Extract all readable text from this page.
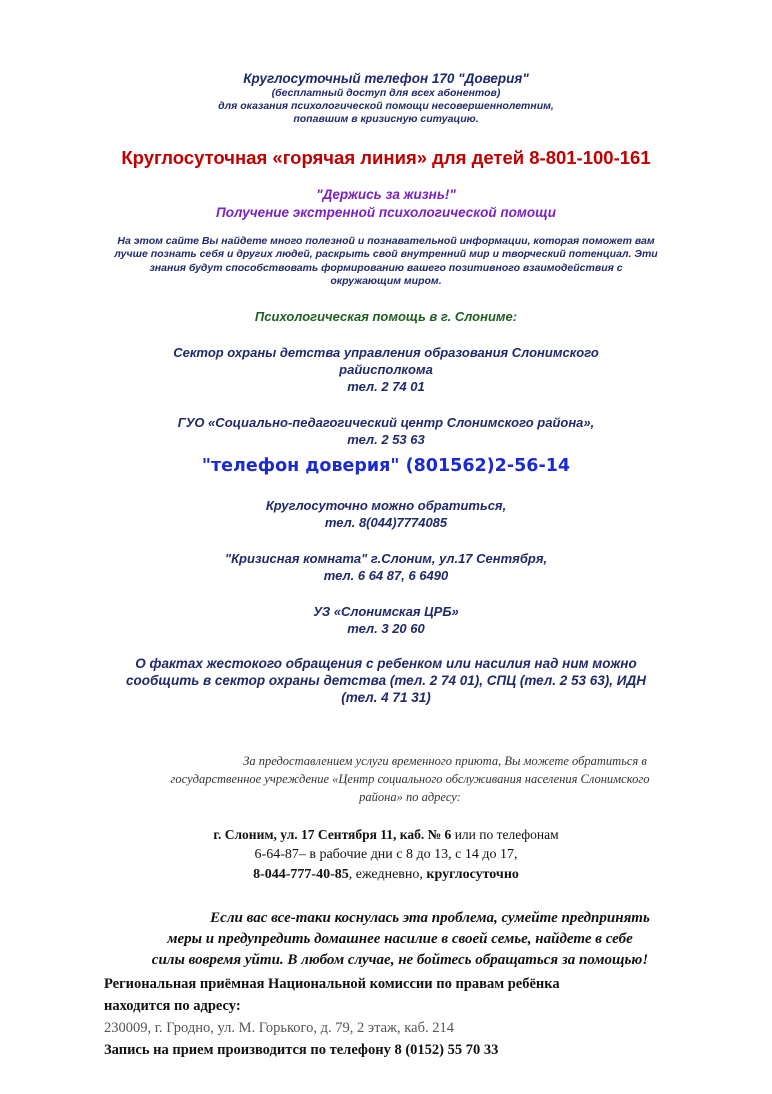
Круглосуточный телефон 170 "Доверия"
(бесплатный доступ для всех абонентов)
для оказания психологической помощи несовершеннолетним,
попавшим в кризисную ситуацию.
Круглосуточная «горячая линия» для детей 8-801-100-161
"Держись за жизнь!"
Получение экстренной психологической помощи
На этом сайте Вы найдете много полезной и познавательной информации, которая поможет вам
лучше познать себя и других людей, раскрыть свой внутренний мир и творческий потенциал. Эти
знания будут способствовать формированию вашего позитивного взаимодействия с
окружающим миром.
Психологическая помощь в г. Слониме:
Сектор охраны детства управления образования Слонимского
райисполкома
тел. 2 74 01
ГУО «Социально-педагогический центр Слонимского района»,
тел. 2 53 63
"телефон доверия" (801562)2-56-14
Круглосуточно можно обратиться,
тел. 8(044)7774085
"Кризисная комната" г.Слоним, ул.17 Сентября,
тел. 6 64 87, 6 6490
УЗ «Слонимская ЦРБ»
тел. 3 20 60
О фактах жестокого обращения с ребенком или насилия над ним можно
сообщить в сектор охраны детства (тел. 2 74 01), СПЦ (тел. 2 53 63), ИДН
(тел. 4 71 31)
За предоставлением услуги временного приюта, Вы можете обратиться в
государственное учреждение «Центр социального обслуживания населения Слонимского
района» по адресу:
г. Слоним, ул. 17 Сентября 11, каб. № 6 или по телефонам
6-64-87– в рабочие дни с 8 до 13, с 14 до 17,
8-044-777-40-85, ежедневно, круглосуточно
Если вас все-таки коснулась эта проблема, сумейте предпринять
меры и предупредить домашнее насилие в своей семье, найдете в себе
силы вовремя уйти. В любом случае, не бойтесь обращаться за помощью!
Региональная приёмная Национальной комиссии по правам ребёнка
находится по адресу:
230009, г. Гродно, ул. М. Горького, д. 79, 2 этаж, каб. 214
Запись на прием производится по телефону 8 (0152) 55 70 33
